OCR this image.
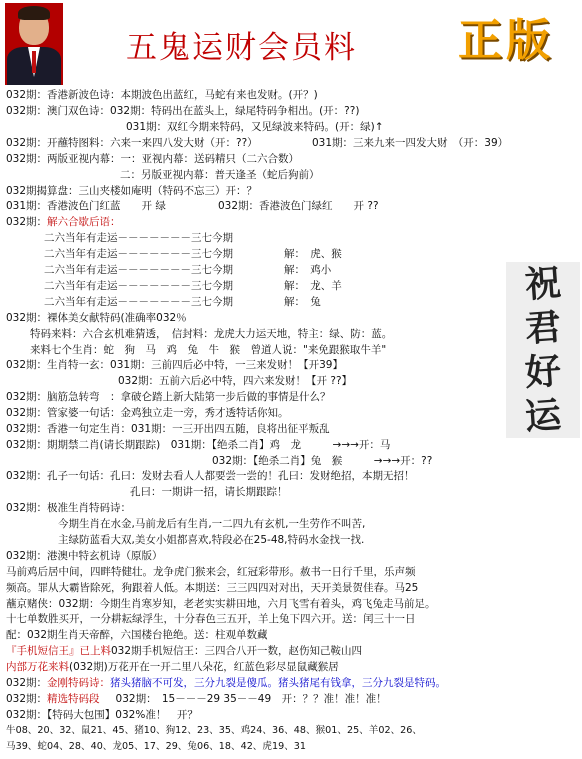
五鬼运财会员料 正版
祝
君
好
运
032期：香港新波色诗：本期波色出蓝红，马蛇有来也发财。(开？)
032期：澳门双色诗：032期：特码出在蓝头上，绿尾特码争相出。(开：??)
031期：双红今期来特码，又见绿波来特码。(开：绿)↑
032期：开蘸特图料：六来一来四八发大财（开：??）	031期：三来九来一四发大财　（开：39）
032期：两版亚视内幕：一：亚视内幕：送码精只（二六合数）
二：另版亚视内幕：普天逢圣（蛇后狗前）
032期揭算盘：三山夹楼如庵明（特码不忘三）开：？
031期：香港波色门红蓝　　开 绿	032期：香港波色门绿红　　开 ??
032期：解六合歇后语：
二六当年有走运－－－－－－－三七今期
二六当年有走运－－－－－－－三七今期	解：　虎、猴
二六当年有走运－－－－－－－三七今期	解：　鸡小
二六当年有走运－－－－－－－三七今期	解：　龙、羊
二六当年有走运－－－－－－－三七今期	解：　兔
032期：裸体美女献特码(准确率032％
特码来料：六合玄机难猜透，　信封料：龙虎大力运天地，特主：绿、防：蓝。
来料七个生肖：蛇　狗　马　鸡　兔　牛　猴　曾道人说："来免跟猴取牛羊"
032期：生肖特一玄：031期：三前四后必中特，一三来发财！【开39】
032期：五前六后必中特，四六来发财！【开 ??】
032期：脑筋急转弯　：拿破仑踏上新大陆第一步后做的事情是什么？
032期：管家婆一句话：金鸡独立走一旁，秀才透特话你知。
032期：香港一句定生肖：031期：一三开出四五随，良将出征平叛乱
032期：期期禁二肖(请长期跟踪)　031期：【绝杀二肖】鸡　龙　　　→→→开：马
032期：【绝杀二肖】兔　猴　　　→→→开：??
032期：孔子一句话：孔曰：发财去看人人都要尝一尝的！孔曰：发财绝招，本期无招！
孔曰：一期讲一招，请长期跟踪！
032期：极准生肖特码诗：
今期生肖在水金,马前龙后有生肖,一二四九有玄机,一生劳作不叫苦,
主绿防蓝看大双,美女小姐都喜欢,特段必在25-48,特码水金找一找.
032期：港澳中特玄机诗（原版）
马前鸡后居中间，四畔特健壮。龙争虎门猴来会，红冠彩带形。赦书一日行千里，乐声频
频高。罪从大霸皆除死，狗跟着人低。本期送：三三四四对对出，天开美景贺佳春。马25
蘸京赌侠：032期：今期生肖寒岁知，老老实实耕田地，六月飞雪有着头，鸡飞兔走马前足。
十七单数胜买开，一分耕耘绿浮生，十分春色三五开，羊上兔下四六开。送：闰三十一日
配：032期生肖天帝醉，六国楼台艳绝。送：柱观单数藏
『手机短信王』已上料032期手机短信王：三四合八开一数，赵伤知己鞍山四
内部万花来料(032期)万花开在一开二里八朵花，红蓝色彩尽显鼠藏猴居
032期：金刚特码诗：猪头猪脑不可发，三分九裂是傻瓜。猪头猪尾有钱拿，三分九裂是特码。
032期：精选特码段 032期：　15－－－29 35－－49　开：？？准！准！准！
032期：【特码大包围】032%准！　开？
牛08、20、32、鼠21、45、猪10、狗12、23、35、鸡24、36、48、猴01、25、羊02、26、
马39、蛇04、28、40、龙05、17、29、兔06、18、42、虎19、31
